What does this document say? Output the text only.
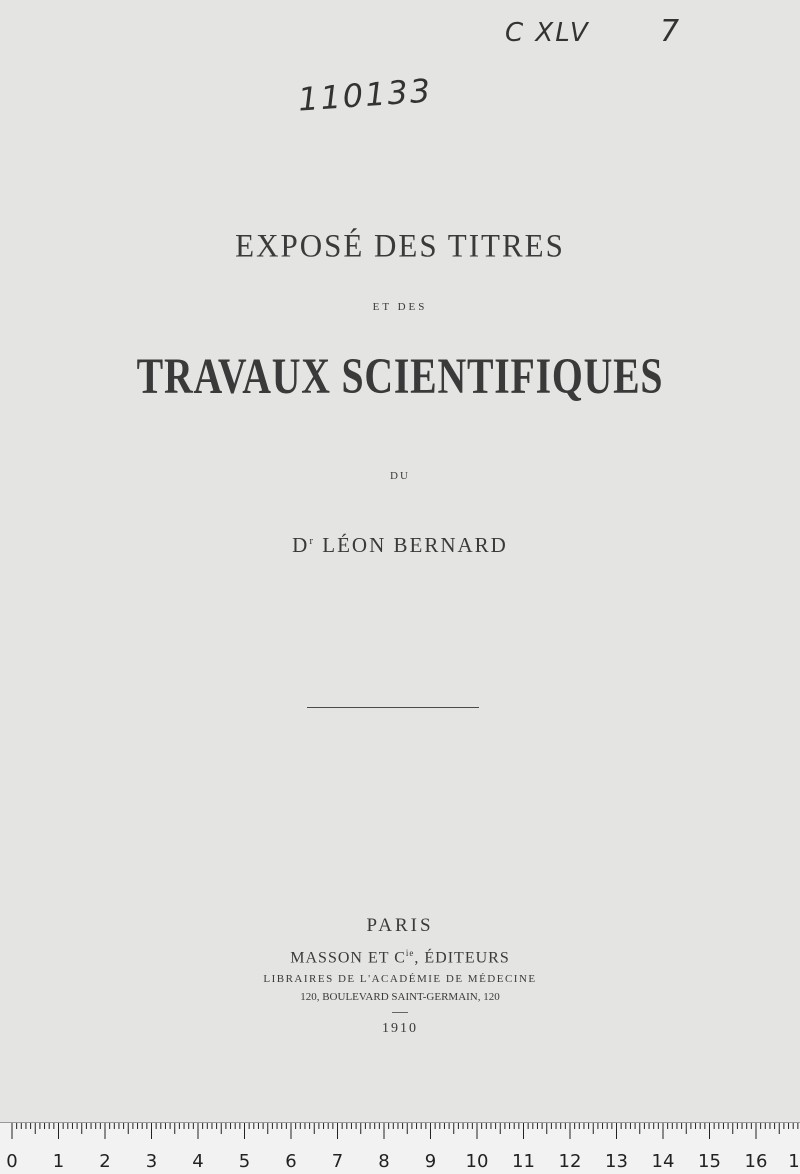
C XLV 7
110133
EXPOSÉ DES TITRES
ET DES
TRAVAUX SCIENTIFIQUES
DU
$D^r$ LÉON BERNARD
PARIS
MASSON ET $C^{ie}$, ÉDITEURS
LIBRAIRES DE L'ACADÉMIE DE MÉDECINE
120, BOULEVARD SAINT-GERMAIN, 120
1910
0 1 2 3 4 5 6 7 8 9 10 11 12 13 14 15 16 1
